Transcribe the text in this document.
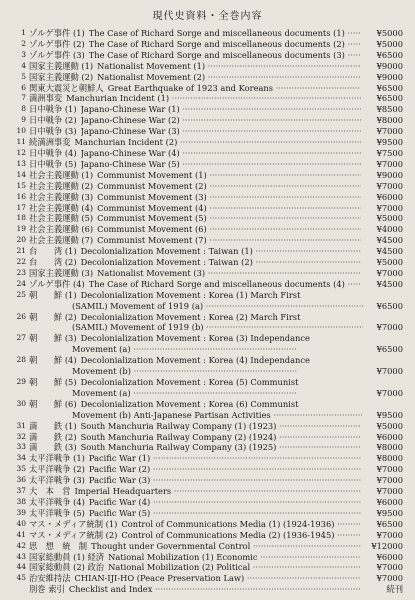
現代史資料・全巻内容
1 ゾルゲ事件 (1) The Case of Richard Sorge and miscellaneous documents (1) ·····	¥5000
2 ゾルゲ事件 (2) The Case of Richard Sorge and miscellaneous documents (2) ·····	¥5000
3 ゾルゲ事件 (3) The Case of Richard Sorge and miscellaneous documents (3) ·····	¥6500
4 国家主義運動 (1) Nationalist Movement (1) ·····	¥9000
5 国家主義運動 (2) Nationalist Movement (2) ·····	¥9000
6 関東大震災と朝鮮人 Great Earthquake of 1923 and Koreans ·····	¥6500
7 満洲事変 Manchurian Incident (1) ·····	¥6500
8 日中戦争 (1) Japano-Chinese War (1) ·····	¥8500
9 日中戦争 (2) Japano-Chinese War (2) ·····	¥8000
10 日中戦争 (3) Japano-Chinese War (3) ·····	¥7000
11 続満洲事変 Manchurian Incident (2) ·····	¥9500
12 日中戦争 (4) Japano-Chinese War (4) ·····	¥7500
13 日中戦争 (5) Japano-Chinese War (5) ·····	¥7000
14 社会主義運動 (1) Communist Movement (1) ·····	¥9000
15 社会主義運動 (2) Communist Movement (2) ·····	¥7000
16 社会主義運動 (3) Communist Movement (3) ·····	¥6000
17 社会主義運動 (4) Communist Movement (4) ·····	¥7000
18 社会主義運動 (5) Communist Movement (5) ·····	¥5000
19 社会主義運動 (6) Communist Movement (6) ·····	¥4000
20 社会主義運動 (7) Communist Movement (7) ·····	¥4500
21 台　　湾 (1) Decolonialization Movement : Taiwan (1) ·····	¥4500
22 台　　湾 (2) Decolonialization Movement : Taiwan (2) ·····	¥5000
23 国家主義運動 (3) Nationalist Movement (3) ·····	¥7000
24 ゾルゲ事件 (4) The Case of Richard Sorge and miscellaneous documents (4) ·····	¥4500
25 朝　　鮮 (1) Decolonialization Movement : Korea (1) March First
(SAMIL) Movement of 1919 (a) ·····	¥6500
26 朝　　鮮 (2) Decolonialization Movement : Korea (2) March First
(SAMIL) Movement of 1919 (b) ·····	¥7000
27 朝　　鮮 (3) Decolonialization Movement : Korea (3) Independance
Movement (a) ·····	¥6500
28 朝　　鮮 (4) Decolonialization Movement : Korea (4) Independance
Movement (b) ·····	¥7000
29 朝　　鮮 (5) Decolonialization Movement : Korea (5) Communist
Movement (a) ·····	¥7000
30 朝　　鮮 (6) Decolonialization Movement : Korea (6) Communist
Movement (b) Anti-Japanese Partisan Activities ·····	¥9500
31 満　　鉄 (1) South Manchuria Railway Company (1) (1923) ·····	¥5000
32 満　　鉄 (2) South Manchuria Railway Company (2) (1924) ·····	¥6000
33 満　　鉄 (3) South Manchuria Railway Company (3) (1925) ·····	¥8000
34 太平洋戦争 (1) Pacific War (1) ·····	¥8000
35 太平洋戦争 (2) Pacific War (2) ·····	¥7000
36 太平洋戦争 (3) Pacific War (3) ·····	¥7000
37 大　本　営 Imperial Headquarters ·····	¥7000
38 太平洋戦争 (4) Pacific War (4) ·····	¥6000
39 太平洋戦争 (5) Pacific War (5) ·····	¥9500
40 マス・メディア統制 (1) Control of Communications Media (1) (1924-1936) ·····	¥6500
41 マス・メディア統制 (2) Control of Communications Media (2) (1936-1945) ·····	¥7000
42 思　想　統　制 Thought under Governmental Control ·····	¥12000
43 国家総動員 (1) 経済 National Mobilization (1) Economic ·····	¥6000
44 国家総動員 (2) 政治 National Mobilization (2) Political ·····	¥7000
45 治安維持法 CHIAN-IJI-HO (Peace Preservation Law) ·····	¥7000
別巻 索引 Checklist and Index ·····	続刊
